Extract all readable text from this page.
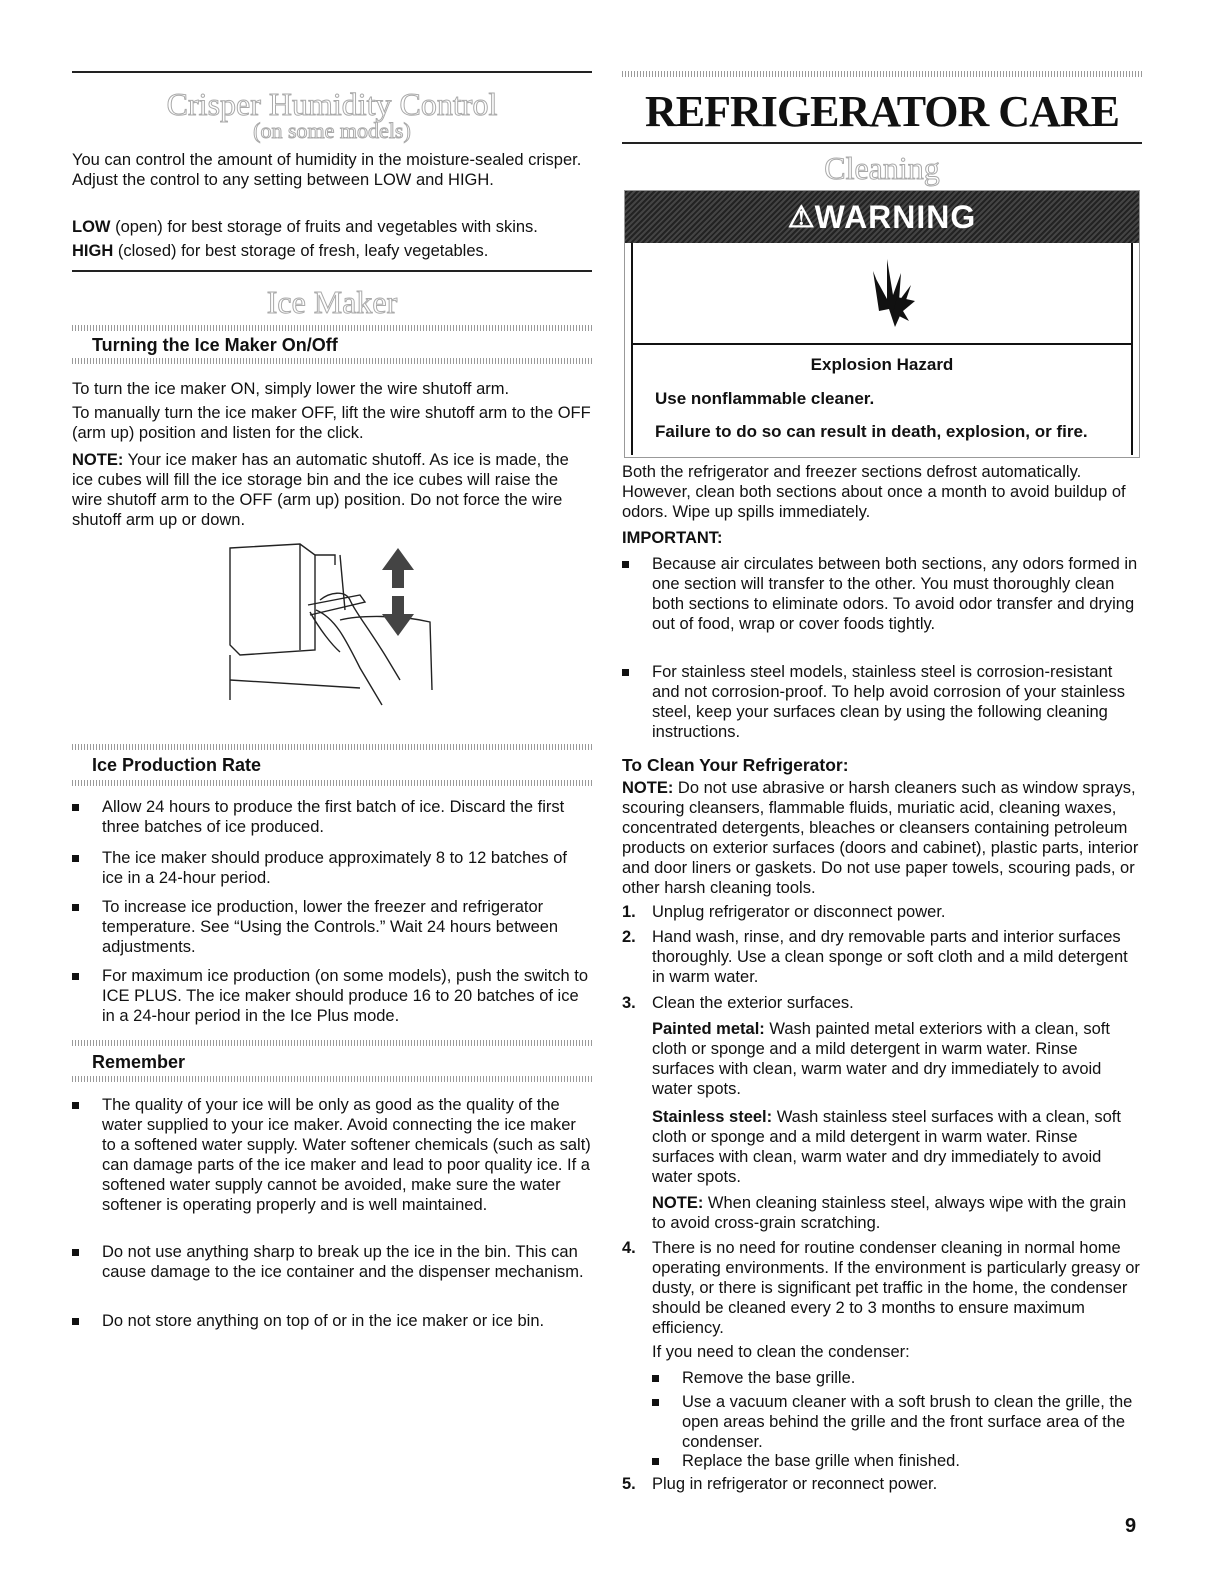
Crisper Humidity Control
(on some models)

You can control the amount of humidity in the moisture-sealed crisper. Adjust the control to any setting between LOW and HIGH.

LOW (open) for best storage of fruits and vegetables with skins.

HIGH (closed) for best storage of fresh, leafy vegetables.

Ice Maker
Turning the Ice Maker On/Off

To turn the ice maker ON, simply lower the wire shutoff arm.

To manually turn the ice maker OFF, lift the wire shutoff arm to the OFF (arm up) position and listen for the click.

NOTE: Your ice maker has an automatic shutoff. As ice is made, the ice cubes will fill the ice storage bin and the ice cubes will raise the wire shutoff arm to the OFF (arm up) position. Do not force the wire shutoff arm up or down.

Ice Production Rate
Allow 24 hours to produce the first batch of ice. Discard the first three batches of ice produced.
The ice maker should produce approximately 8 to 12 batches of ice in a 24-hour period.
To increase ice production, lower the freezer and refrigerator temperature. See “Using the Controls.” Wait 24 hours between adjustments.
For maximum ice production (on some models), push the switch to ICE PLUS. The ice maker should produce 16 to 20 batches of ice in a 24-hour period in the Ice Plus mode.
Remember
The quality of your ice will be only as good as the quality of the water supplied to your ice maker. Avoid connecting the ice maker to a softened water supply. Water softener chemicals (such as salt) can damage parts of the ice maker and lead to poor quality ice. If a softened water supply cannot be avoided, make sure the water softener is operating properly and is well maintained.
Do not use anything sharp to break up the ice in the bin. This can cause damage to the ice container and the dispenser mechanism.
Do not store anything on top of or in the ice maker or ice bin.
REFRIGERATOR CARE
Cleaning
⚠ WARNING
Explosion Hazard
Use nonflammable cleaner.
Failure to do so can result in death, explosion, or fire.

Both the refrigerator and freezer sections defrost automatically. However, clean both sections about once a month to avoid buildup of odors. Wipe up spills immediately.

IMPORTANT:

Because air circulates between both sections, any odors formed in one section will transfer to the other. You must thoroughly clean both sections to eliminate odors. To avoid odor transfer and drying out of food, wrap or cover foods tightly.
For stainless steel models, stainless steel is corrosion-resistant and not corrosion-proof. To help avoid corrosion of your stainless steel, keep your surfaces clean by using the following cleaning instructions.
To Clean Your Refrigerator:

NOTE: Do not use abrasive or harsh cleaners such as window sprays, scouring cleansers, flammable fluids, muriatic acid, cleaning waxes, concentrated detergents, bleaches or cleansers containing petroleum products on exterior surfaces (doors and cabinet), plastic parts, interior and door liners or gaskets. Do not use paper towels, scouring pads, or other harsh cleaning tools.

1. Unplug refrigerator or disconnect power.
2. Hand wash, rinse, and dry removable parts and interior surfaces thoroughly. Use a clean sponge or soft cloth and a mild detergent in warm water.
3. Clean the exterior surfaces.

Painted metal: Wash painted metal exteriors with a clean, soft cloth or sponge and a mild detergent in warm water. Rinse surfaces with clean, warm water and dry immediately to avoid water spots.

Stainless steel: Wash stainless steel surfaces with a clean, soft cloth or sponge and a mild detergent in warm water. Rinse surfaces with clean, warm water and dry immediately to avoid water spots.

NOTE: When cleaning stainless steel, always wipe with the grain to avoid cross-grain scratching.

4. There is no need for routine condenser cleaning in normal home operating environments. If the environment is particularly greasy or dusty, or there is significant pet traffic in the home, the condenser should be cleaned every 2 to 3 months to ensure maximum efficiency.

If you need to clean the condenser:

Remove the base grille.
Use a vacuum cleaner with a soft brush to clean the grille, the open areas behind the grille and the front surface area of the condenser.
Replace the base grille when finished.
5. Plug in refrigerator or reconnect power.
9
